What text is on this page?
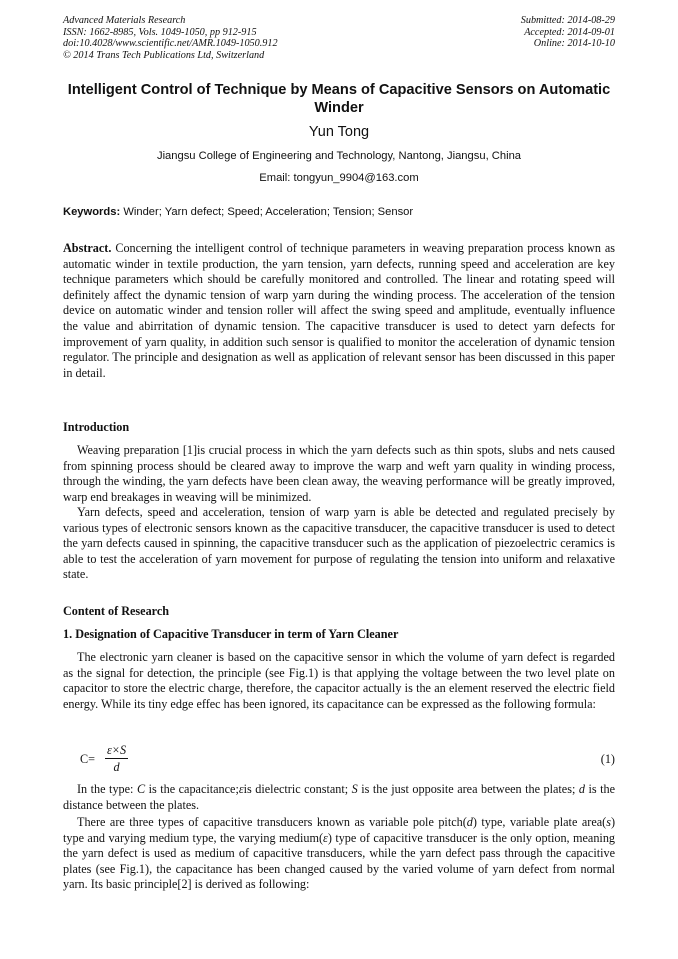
Advanced Materials Research
ISSN: 1662-8985, Vols. 1049-1050, pp 912-915
doi:10.4028/www.scientific.net/AMR.1049-1050.912
© 2014 Trans Tech Publications Ltd, Switzerland
Submitted: 2014-08-29
Accepted: 2014-09-01
Online: 2014-10-10
Intelligent Control of Technique by Means of Capacitive Sensors on Automatic Winder
Yun Tong
Jiangsu College of Engineering and Technology, Nantong, Jiangsu, China
Email: tongyun_9904@163.com
Keywords: Winder; Yarn defect; Speed; Acceleration; Tension; Sensor
Abstract. Concerning the intelligent control of technique parameters in weaving preparation process known as automatic winder in textile production, the yarn tension, yarn defects, running speed and acceleration are key technique parameters which should be carefully monitored and controlled. The linear and rotating speed will definitely affect the dynamic tension of warp yarn during the winding process. The acceleration of the tension device on automatic winder and tension roller will affect the swing speed and amplitude, eventually influence the value and abirritation of dynamic tension. The capacitive transducer is used to detect yarn defects for improvement of yarn quality, in addition such sensor is qualified to monitor the acceleration of dynamic tension regulator. The principle and designation as well as application of relevant sensor has been discussed in this paper in detail.
Introduction
Weaving preparation [1]is crucial process in which the yarn defects such as thin spots, slubs and nets caused from spinning process should be cleared away to improve the warp and weft yarn quality in winding process, through the winding, the yarn defects have been clean away, the weaving performance will be greatly improved, warp end breakages in weaving will be minimized.
Yarn defects, speed and acceleration, tension of warp yarn is able be detected and regulated precisely by various types of electronic sensors known as the capacitive transducer, the capacitive transducer is used to detect the yarn defects caused in spinning, the capacitive transducer such as the application of piezoelectric ceramics is able to test the acceleration of yarn movement for purpose of regulating the tension into uniform and relaxative state.
Content of Research
1. Designation of Capacitive Transducer in term of Yarn Cleaner
The electronic yarn cleaner is based on the capacitive sensor in which the volume of yarn defect is regarded as the signal for detection, the principle (see Fig.1) is that applying the voltage between the two level plate on capacitor to store the electric charge, therefore, the capacitor actually is the an element reserved the electric field energy. While its tiny edge effec has been ignored, its capacitance can be expressed as the following formula:
$C= \frac{\varepsilon\times S}{d}$	(1)
In the type: C is the capacitance;εis dielectric constant; S is the just opposite area between the plates; d is the distance between the plates.
There are three types of capacitive transducers known as variable pole pitch(d) type, variable plate area(s) type and varying medium type, the varying medium(ε) type of capacitive transducer is the only option, meaning the yarn defect is used as medium of capacitive transducers, while the yarn defect pass through the capacitive plates (see Fig.1), the capacitance has been changed caused by the varied volume of yarn defect from normal yarn. Its basic principle[2] is derived as following:
